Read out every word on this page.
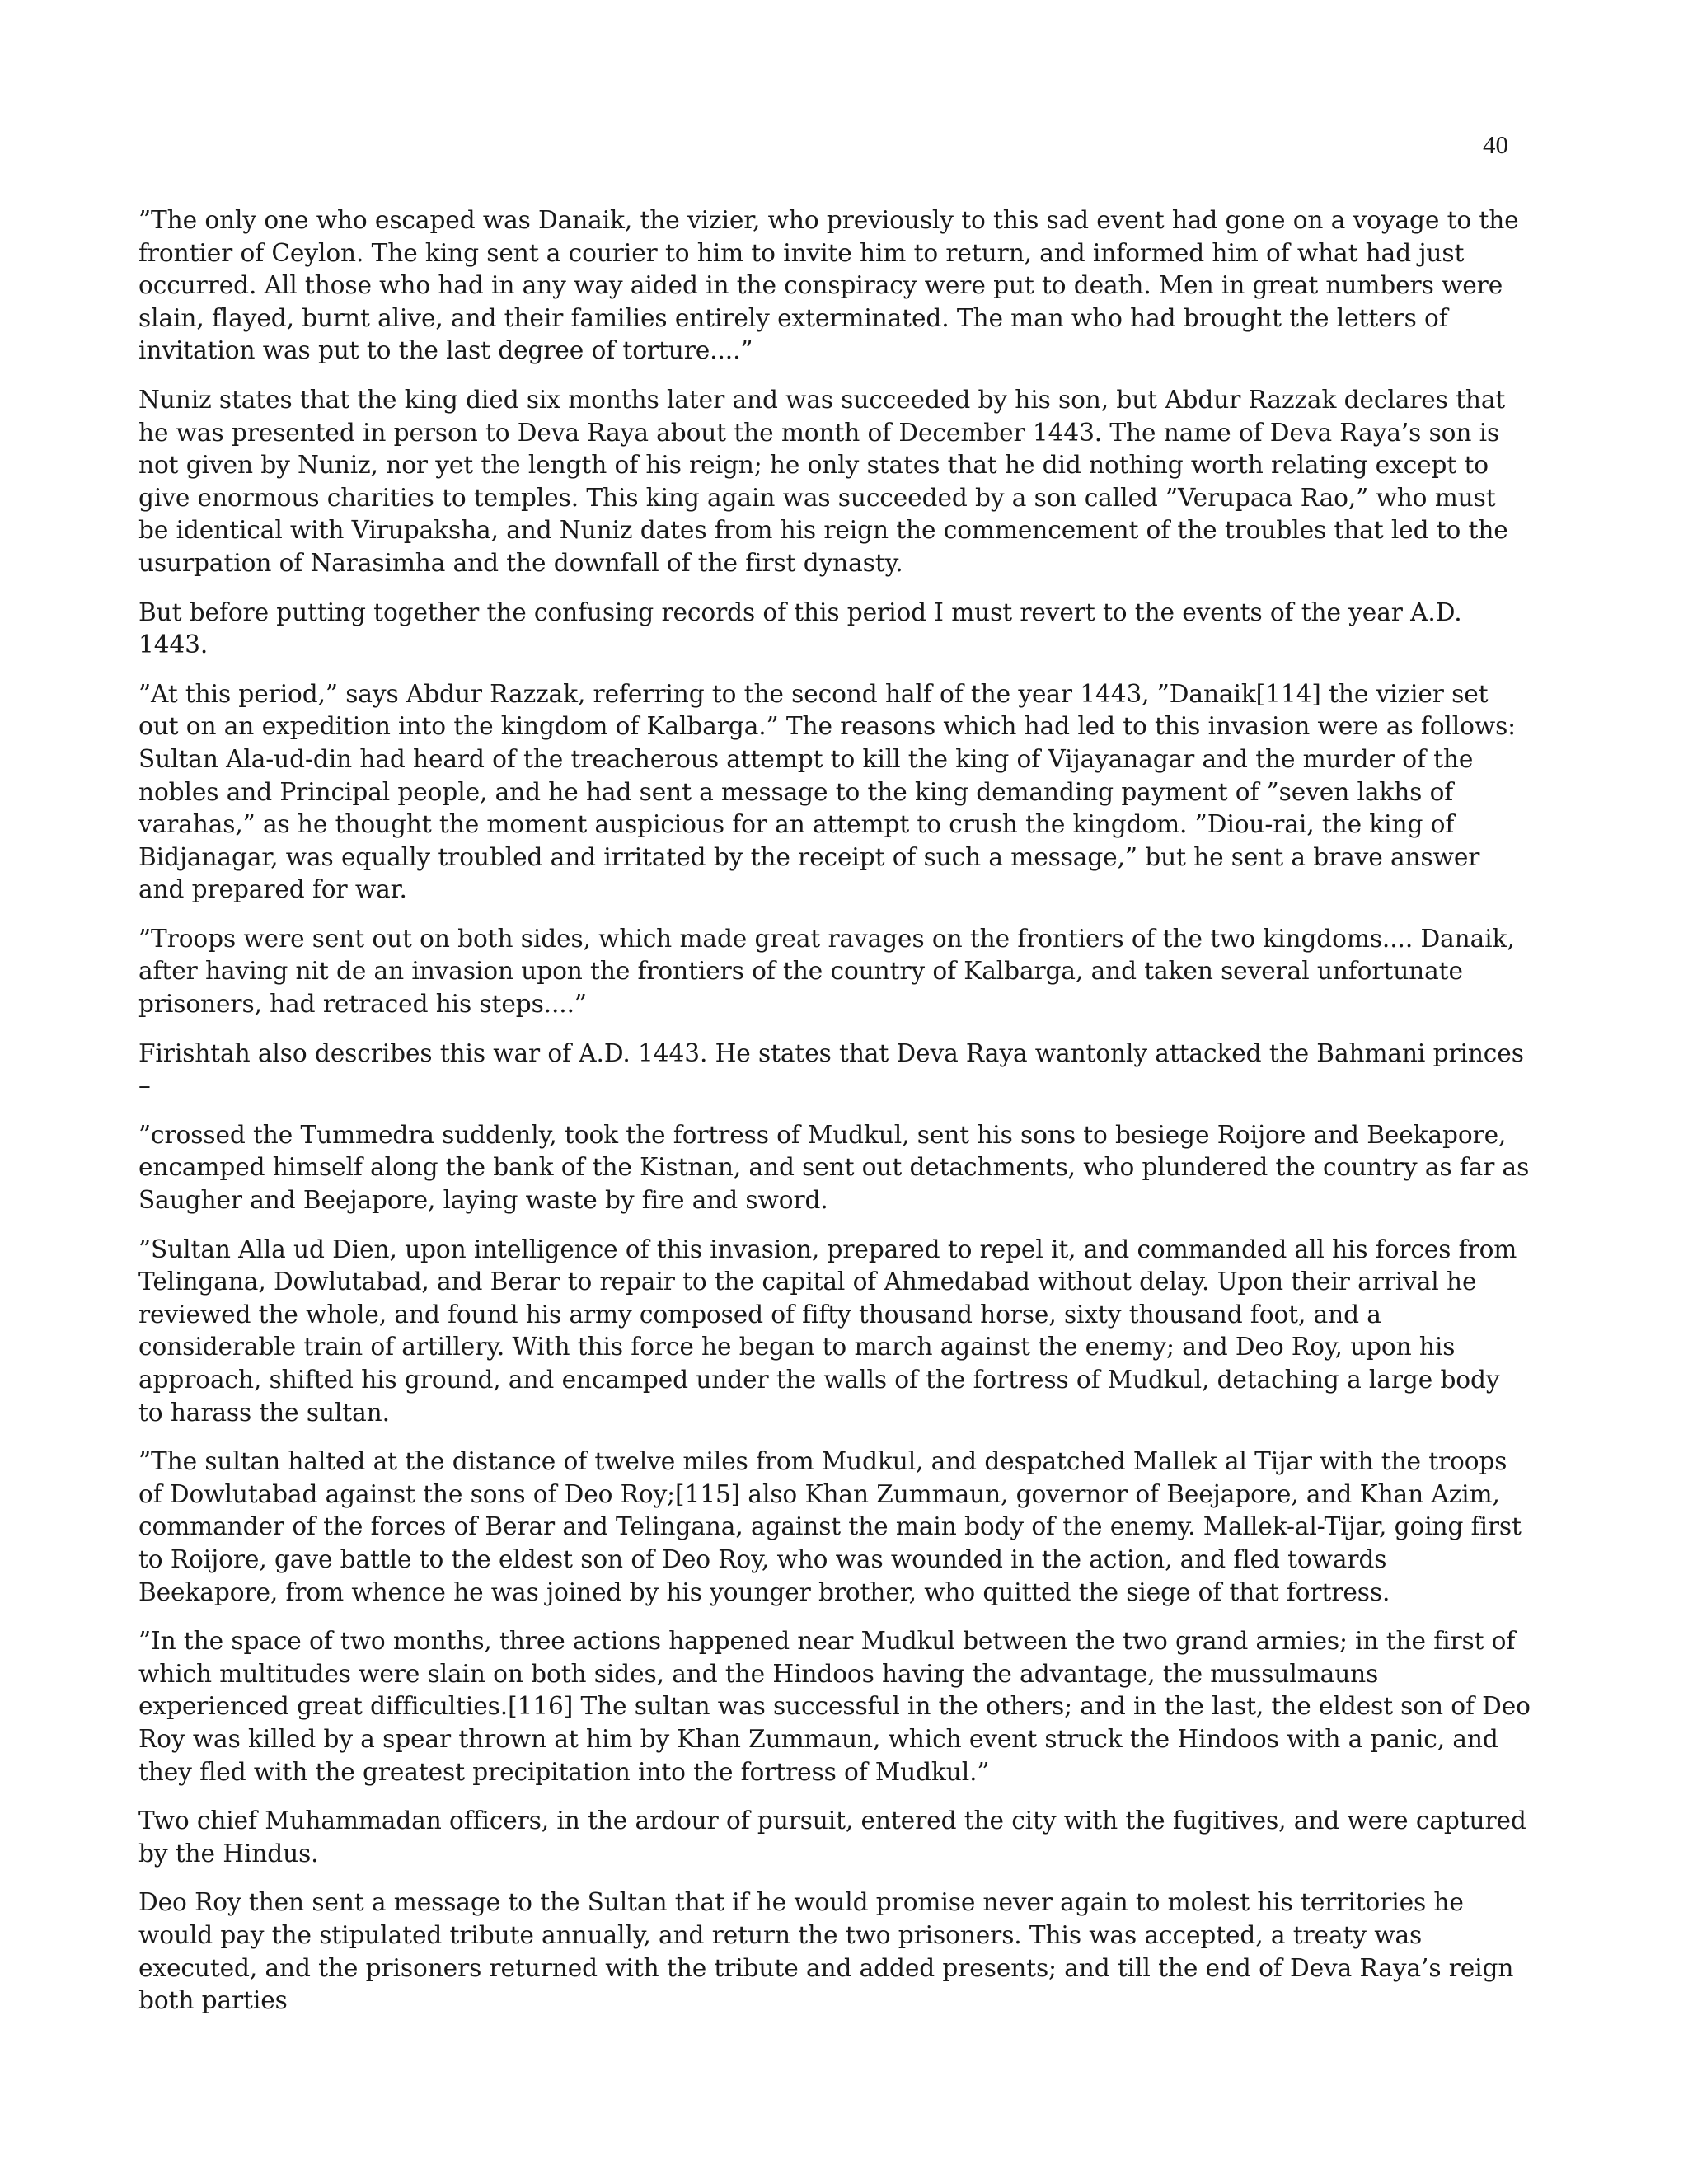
40

”The only one who escaped was Danaik, the vizier, who previously to this sad event had gone on a voyage to the frontier of Ceylon. The king sent a courier to him to invite him to return, and informed him of what had just occurred. All those who had in any way aided in the conspiracy were put to death. Men in great numbers were slain, flayed, burnt alive, and their families entirely exterminated. The man who had brought the letters of invitation was put to the last degree of torture....”

Nuniz states that the king died six months later and was succeeded by his son, but Abdur Razzak declares that he was presented in person to Deva Raya about the month of December 1443. The name of Deva Raya’s son is not given by Nuniz, nor yet the length of his reign; he only states that he did nothing worth relating except to give enormous charities to temples. This king again was succeeded by a son called ”Verupaca Rao,” who must be identical with Virupaksha, and Nuniz dates from his reign the commencement of the troubles that led to the usurpation of Narasimha and the downfall of the first dynasty.

But before putting together the confusing records of this period I must revert to the events of the year A.D. 1443.

”At this period,” says Abdur Razzak, referring to the second half of the year 1443, ”Danaik[114] the vizier set out on an expedition into the kingdom of Kalbarga.” The reasons which had led to this invasion were as follows: Sultan Ala-ud-din had heard of the treacherous attempt to kill the king of Vijayanagar and the murder of the nobles and Principal people, and he had sent a message to the king demanding payment of ”seven lakhs of varahas,” as he thought the moment auspicious for an attempt to crush the kingdom. ”Diou-rai, the king of Bidjanagar, was equally troubled and irritated by the receipt of such a message,” but he sent a brave answer and prepared for war.

”Troops were sent out on both sides, which made great ravages on the frontiers of the two kingdoms.... Danaik, after having nit de an invasion upon the frontiers of the country of Kalbarga, and taken several unfortunate prisoners, had retraced his steps....”

Firishtah also describes this war of A.D. 1443. He states that Deva Raya wantonly attacked the Bahmani princes –

”crossed the Tummedra suddenly, took the fortress of Mudkul, sent his sons to besiege Roijore and Beekapore, encamped himself along the bank of the Kistnan, and sent out detachments, who plundered the country as far as Saugher and Beejapore, laying waste by fire and sword.

”Sultan Alla ud Dien, upon intelligence of this invasion, prepared to repel it, and commanded all his forces from Telingana, Dowlutabad, and Berar to repair to the capital of Ahmedabad without delay. Upon their arrival he reviewed the whole, and found his army composed of fifty thousand horse, sixty thousand foot, and a considerable train of artillery. With this force he began to march against the enemy; and Deo Roy, upon his approach, shifted his ground, and encamped under the walls of the fortress of Mudkul, detaching a large body to harass the sultan.

”The sultan halted at the distance of twelve miles from Mudkul, and despatched Mallek al Tijar with the troops of Dowlutabad against the sons of Deo Roy;[115] also Khan Zummaun, governor of Beejapore, and Khan Azim, commander of the forces of Berar and Telingana, against the main body of the enemy. Mallek-al-Tijar, going first to Roijore, gave battle to the eldest son of Deo Roy, who was wounded in the action, and fled towards Beekapore, from whence he was joined by his younger brother, who quitted the siege of that fortress.

”In the space of two months, three actions happened near Mudkul between the two grand armies; in the first of which multitudes were slain on both sides, and the Hindoos having the advantage, the mussulmauns experienced great difficulties.[116] The sultan was successful in the others; and in the last, the eldest son of Deo Roy was killed by a spear thrown at him by Khan Zummaun, which event struck the Hindoos with a panic, and they fled with the greatest precipitation into the fortress of Mudkul.”

Two chief Muhammadan officers, in the ardour of pursuit, entered the city with the fugitives, and were captured by the Hindus.

Deo Roy then sent a message to the Sultan that if he would promise never again to molest his territories he would pay the stipulated tribute annually, and return the two prisoners. This was accepted, a treaty was executed, and the prisoners returned with the tribute and added presents; and till the end of Deva Raya’s reign both parties
